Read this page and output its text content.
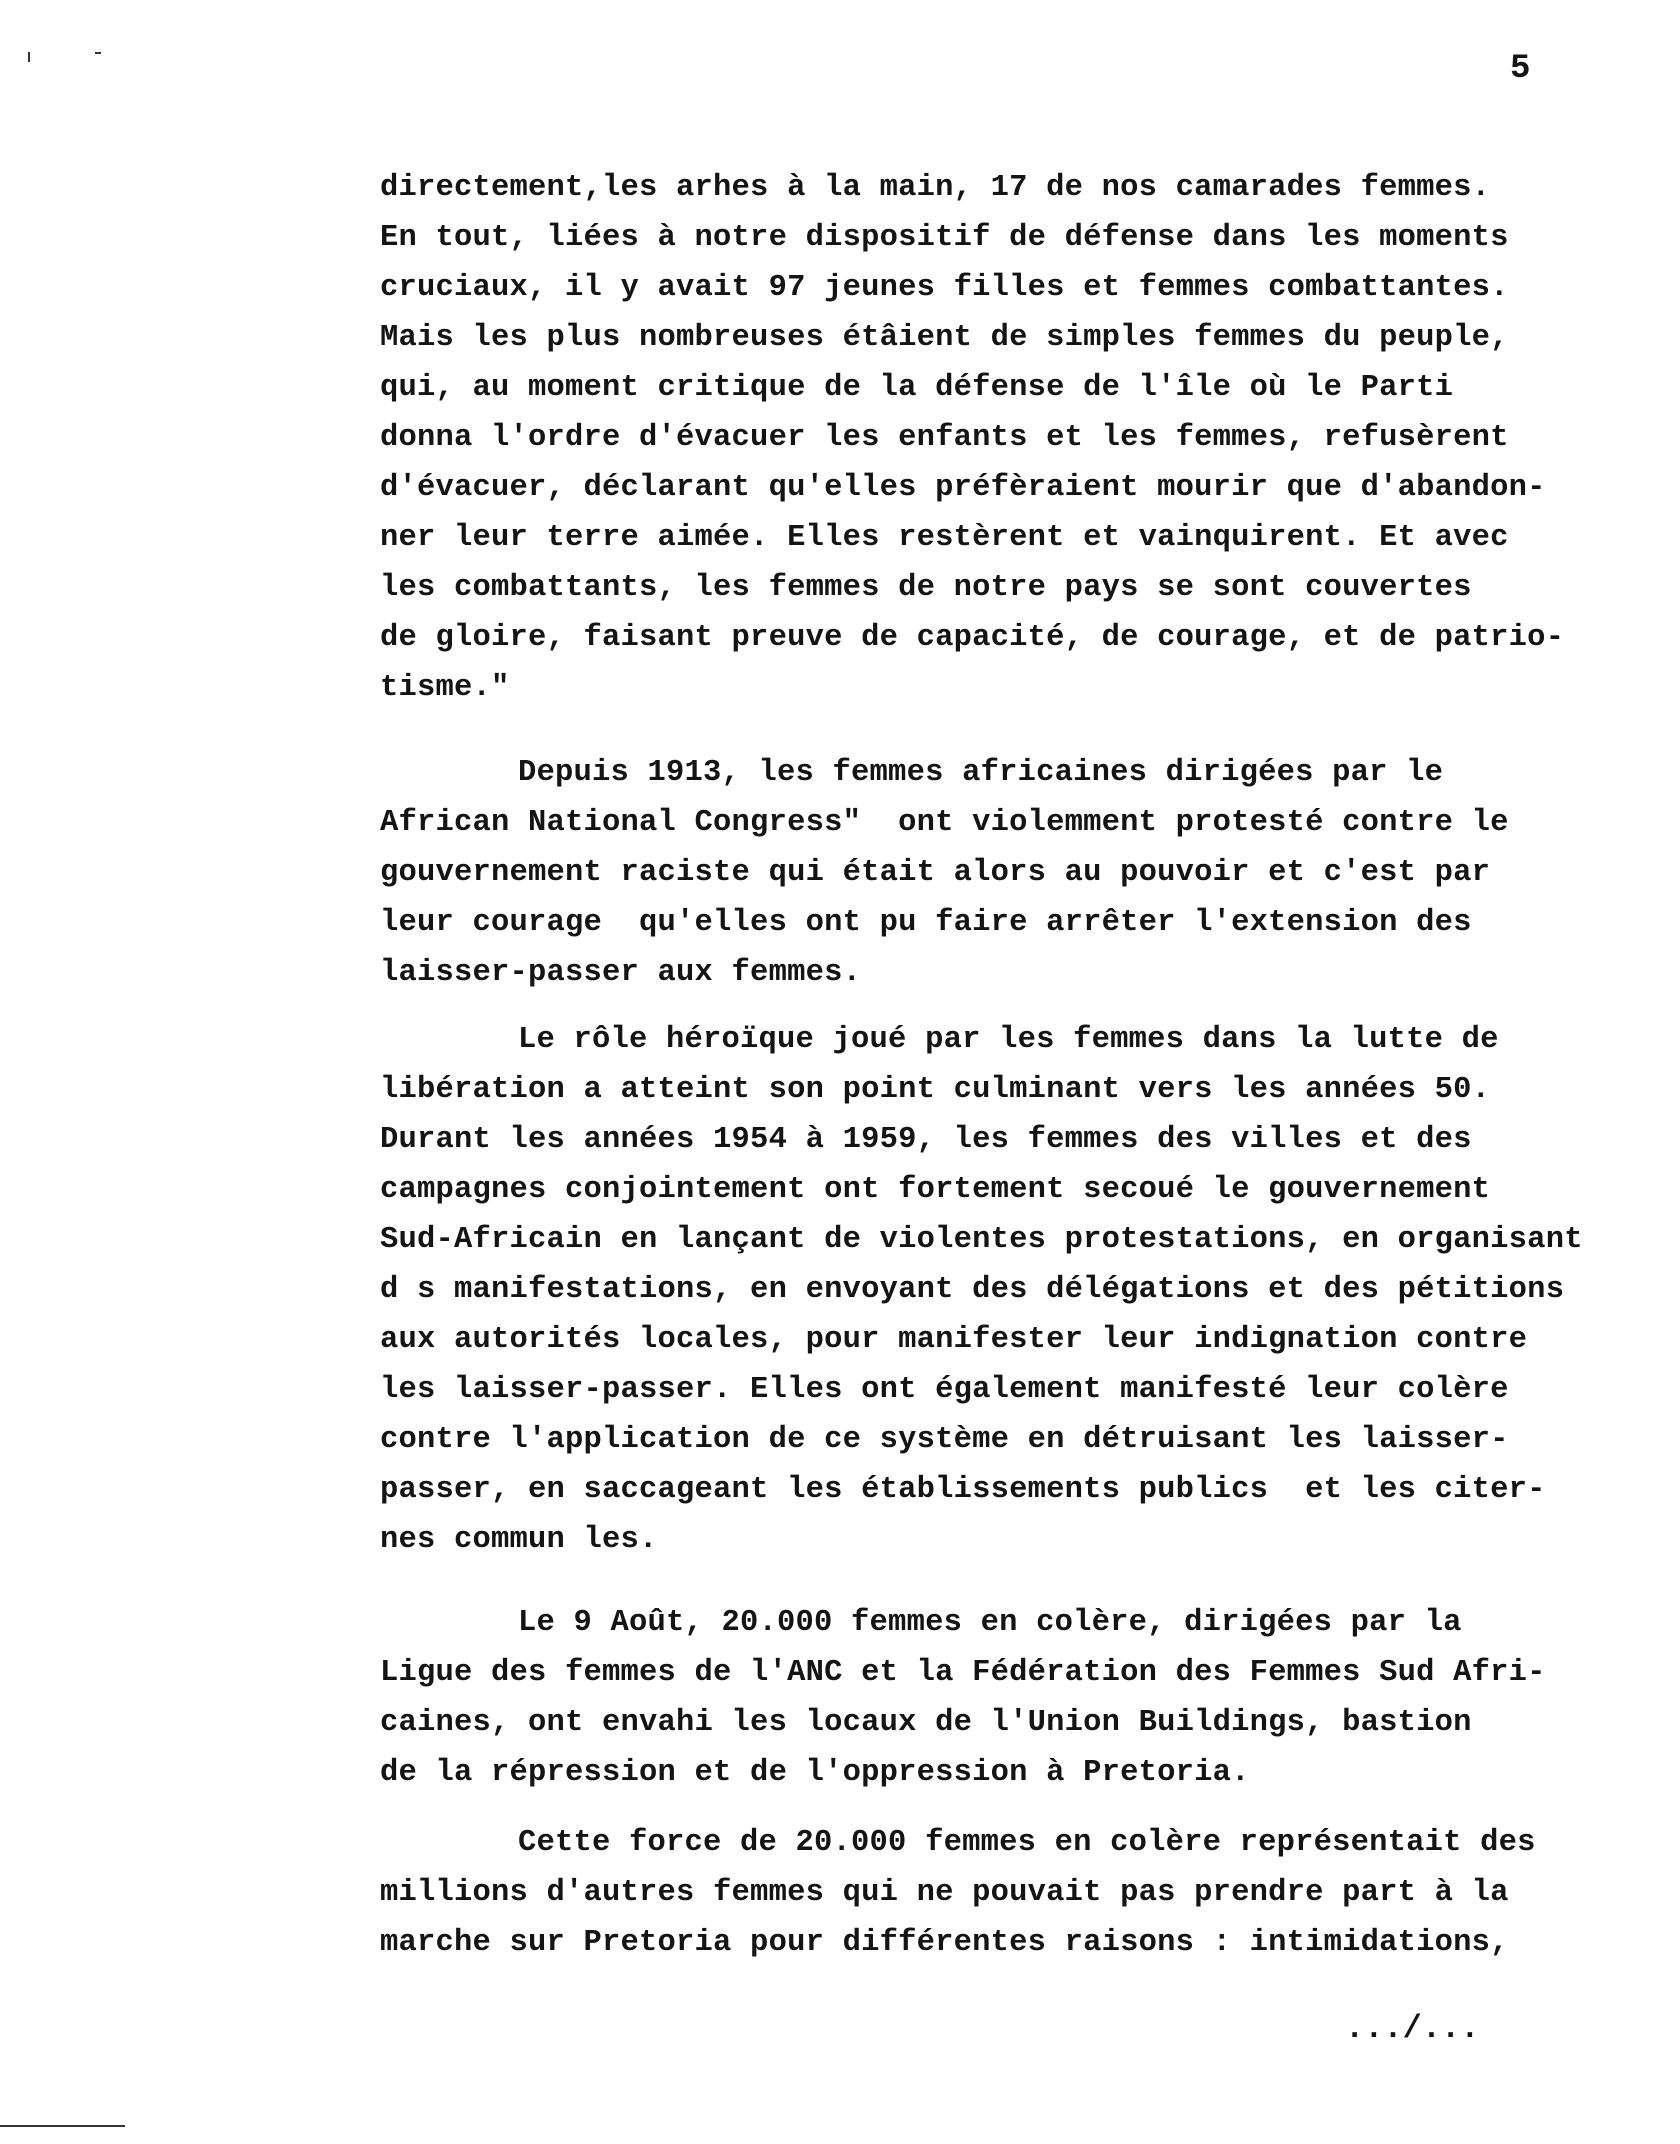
5
directement,les arhes à la main, 17 de nos camarades femmes.
En tout, liées à notre dispositif de défense dans les moments
cruciaux, il y avait 97 jeunes filles et femmes combattantes.
Mais les plus nombreuses étâient de simples femmes du peuple,
qui, au moment critique de la défense de l'île où le Parti
donna l'ordre d'évacuer les enfants et les femmes, refusèrent
d'évacuer, déclarant qu'elles préfèraient mourir que d'abandon-
ner leur terre aimée. Elles restèrent et vainquirent. Et avec
les combattants, les femmes de notre pays se sont couvertes
de gloire, faisant preuve de capacité, de courage, et de patrio-
tisme."
Depuis 1913, les femmes africaines dirigées par le
African National Congress"  ont violemment protesté contre le
gouvernement raciste qui était alors au pouvoir et c'est par
leur courage  qu'elles ont pu faire arrêter l'extension des
laisser-passer aux femmes.
Le rôle héroïque joué par les femmes dans la lutte de
libération a atteint son point culminant vers les années 50.
Durant les années 1954 à 1959, les femmes des villes et des
campagnes conjointement ont fortement secoué le gouvernement
Sud-Africain en lançant de violentes protestations, en organisant
d s manifestations, en envoyant des délégations et des pétitions
aux autorités locales, pour manifester leur indignation contre
les laisser-passer. Elles ont également manifesté leur colère
contre l'application de ce système en détruisant les laisser-
passer, en saccageant les établissements publics  et les citer-
nes commun les.
Le 9 Août, 20.000 femmes en colère, dirigées par la
Ligue des femmes de l'ANC et la Fédération des Femmes Sud Afri-
caines, ont envahi les locaux de l'Union Buildings, bastion
de la répression et de l'oppression à Pretoria.
Cette force de 20.000 femmes en colère représentait des
millions d'autres femmes qui ne pouvait pas prendre part à la
marche sur Pretoria pour différentes raisons : intimidations,
.../...
